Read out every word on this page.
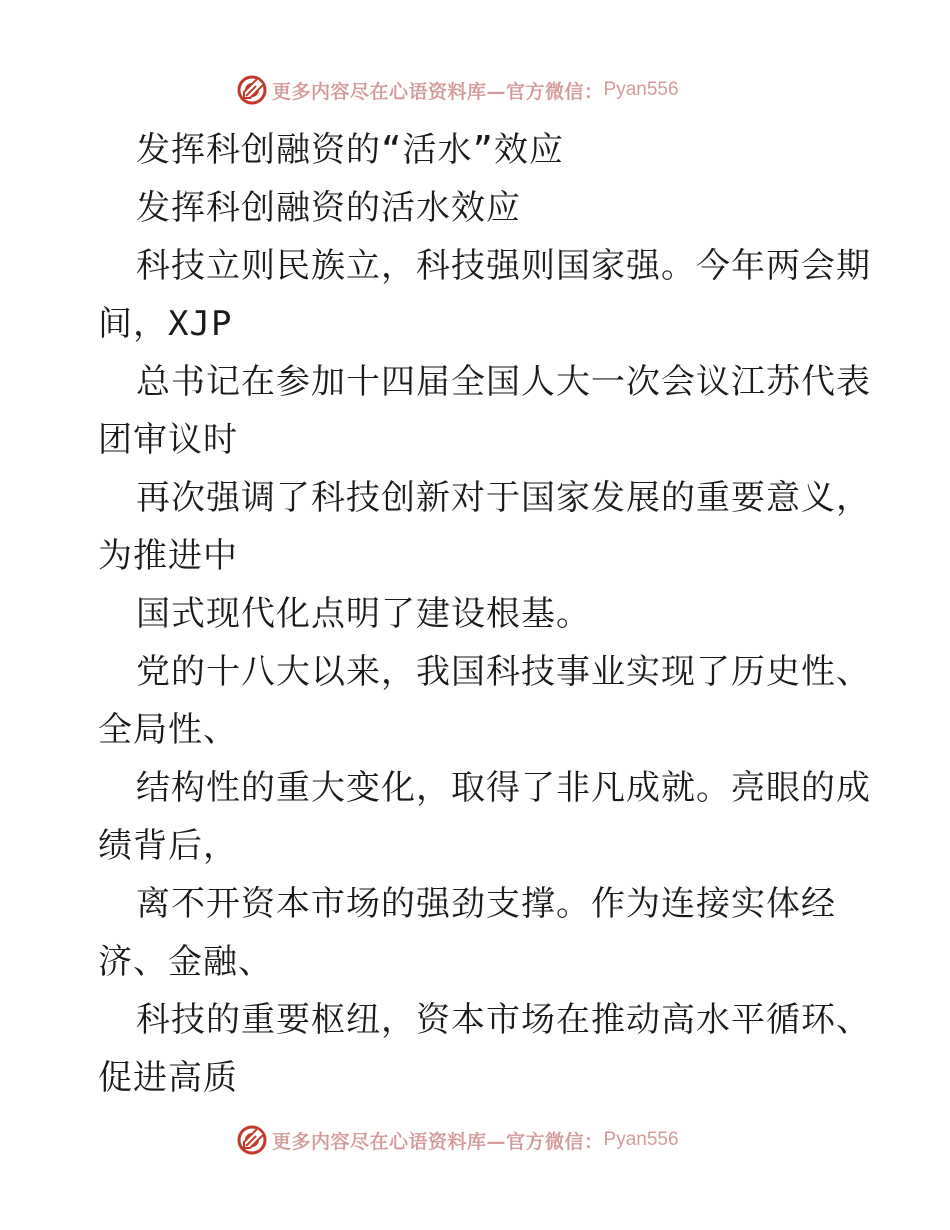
更多内容尽在心语资料库—官方微信： Pyan556
发挥科创融资的“活水”效应
发挥科创融资的活水效应
科技立则民族立，科技强则国家强。今年两会期
间，XJP
总书记在参加十四届全国人大一次会议江苏代表
团审议时
再次强调了科技创新对于国家发展的重要意义，
为推进中
国式现代化点明了建设根基。
党的十八大以来，我国科技事业实现了历史性、
全局性、
结构性的重大变化，取得了非凡成就。亮眼的成
绩背后，
离不开资本市场的强劲支撑。作为连接实体经
济、金融、
科技的重要枢纽，资本市场在推动高水平循环、
促进高质
更多内容尽在心语资料库—官方微信： Pyan556
